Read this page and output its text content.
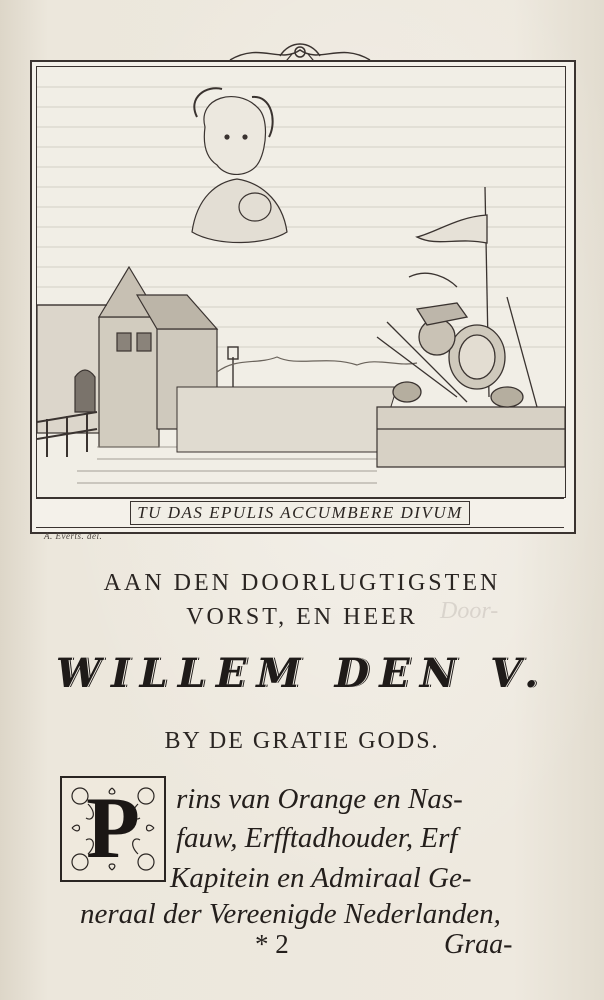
Door-
TU DAS EPULIS ACCUMBERE DIVUM
A. Everts. del.
AAN DEN DOORLUGTIGSTEN
VORST, EN HEER
WILLEM DEN V.
BY DE GRATIE GODS.
P	rins van Orange en Nas-
fauw, Erfftadhouder, Erf
Kapitein en Admiraal Ge-
neraal der Vereenigde Nederlanden,
* 2	Graa-
